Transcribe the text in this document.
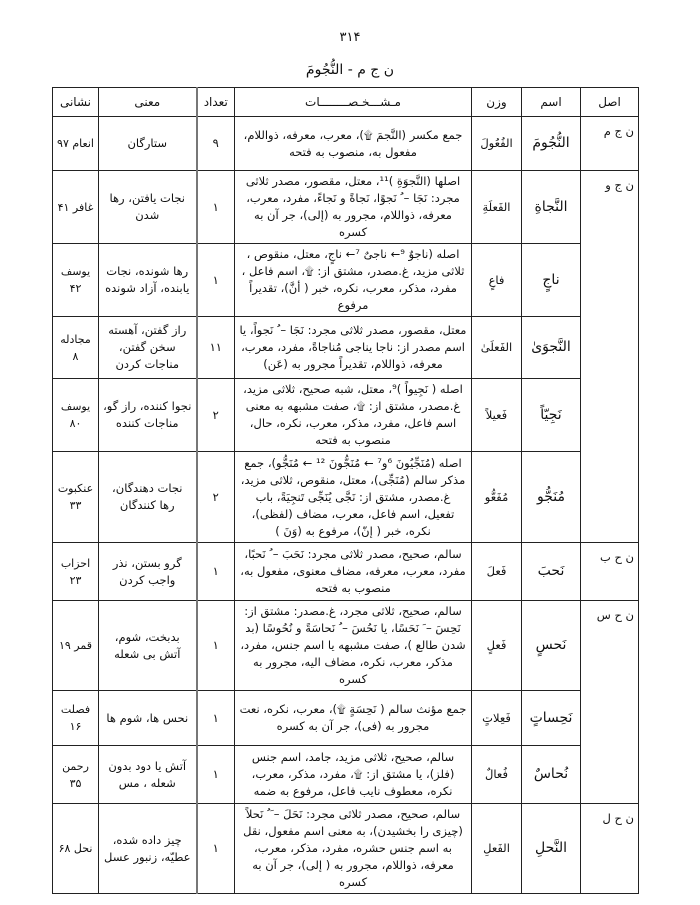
۳۱۴
ن ج م - النُّجُومَ
اصل	اسم	وزن	مـشـــخـصــــــــات	تعداد	معنی	نشانی
ن ج م	النُّجُومَ	الفُعُولَ	جمع مکسر (النَّجمَ ۩)، معرب، معرفه، ذواللام، مفعول به، منصوب به فتحه	۹	ستارگان	انعام ۹۷
ن ج و	النَّجاةِ	الفَعلَةِ	اصلها (النَّجوَةِ )¹¹، معتل، مقصور، مصدر ثلاثی مجرد: نَجَا – ُ نَجوًا، نَجاةً و نَجاءً، مفرد، معرب، معرفه، ذواللام، مجرور به (إلی)، جر آن به کسره	۱	نجات یافتن، رها شدن	غافر ۴۱
	ناجٍ	فاعٍ	اصله (ناجوٌ ⁹← ناجیٌ ⁷← ناجٍ، معتل، منقوص ، ثلاثی مزید، غ.مصدر، مشتق از: ۩، اسم فاعل ، مفرد، مذکر، معرب، نکره، خبر ( أنَّ)، تقدیراً مرفوع	۱	رها شونده، نجات یابنده، آزاد شونده	یوسف ۴۲
	النَّجوَیٰ	الفَعلَیٰ	معتل، مقصور، مصدر ثلاثی مجرد: نَجَا – ُ نَجواً، یا اسم مصدر از: ناجا یناجی مُناجاةً، مفرد، معرب، معرفه، ذواللام، تقدیراً مجرور به (عَن)	۱۱	راز گفتن، آهسته سخن گفتن، مناجات کردن	مجادله ۸
	نَجِیّاً	فَعیلاً	اصله ( نَجِیواً )⁹، معتل، شبه صحیح، ثلاثی مزید، غ.مصدر، مشتق از: ۩، صفت مشبهه به معنی اسم فاعل، مفرد، مذکر، معرب، نکره، حال، منصوب به فتحه	۲	نجوا کننده، راز گو، مناجات کننده	یوسف ۸۰
	مُنَجُّو	مُفَعُّو	اصله (مُنَجِّیُونَ ⁶و⁷ ← مُنَجُّونَ ¹² ← مُنَجُّو)، جمع مذکر سالم (مُنَجِّی)، معتل، منقوص، ثلاثی مزید، غ.مصدر، مشتق از: نَجَّی یُنَجِّی تَنجِیَةً، باب تفعیل، اسم فاعل، معرب، مضاف (لفظی)، نکره، خبر ( إنّ)، مرفوع به (وَنَ )	۲	نجات دهندگان، رها کنندگان	عنکبوت ۳۳
ن ح ب	نَحبَ	فَعلَ	سالم، صحیح، مصدر ثلاثی مجرد: نَحَبَ – ُ نَحبًا، مفرد، معرب، معرفه، مضاف معنوی، مفعول به، منصوب به فتحه	۱	گرو بستن، نذر واجب کردن	احزاب ۲۳
ن ح س	نَحسٍ	فَعلٍ	سالم، صحیح، ثلاثی مجرد، غ.مصدر: مشتق از: نَحِسَ – َ نَحَسًا، یا نَحُسَ – ُ نَحاسَةً و نُحُوسًا (بد شدن طالع )، صفت مشبهه یا اسم جنس، مفرد، مذکر، معرب، نکره، مضاف الیه، مجرور به کسره	۱	بدبخت، شوم، آتش بی شعله	قمر ۱۹
	نَحِساتٍ	فَعِلاتٍ	جمع مؤنث سالم ( نَحِسَةٍ ۩)، معرب، نکره، نعت مجرور به (فی)، جر آن به کسره	۱	نحس ها، شوم ها	فصلت ۱۶
	نُحاسٌ	فُعالٌ	سالم، صحیح، ثلاثی مزید، جامد، اسم جنس (فلز)، یا مشتق از: ۩، مفرد، مذکر، معرب، نکره، معطوف نایب فاعل، مرفوع به ضمه	۱	آتش یا دود بدون شعله ، مس	رحمن ۳۵
ن ح ل	النَّحلِ	الفَعلِ	سالم، صحیح، مصدر ثلاثی مجرد: نَحَلَ – َ ُ نَحلاً (چیزی را بخشیدن)، به معنی اسم مفعول، نقل به اسم جنس حشره، مفرد، مذکر، معرب، معرفه، ذواللام، مجرور به ( إلی)، جر آن به کسره	۱	چیز داده شده، عطیّه، زنبور عسل	نحل ۶۸
